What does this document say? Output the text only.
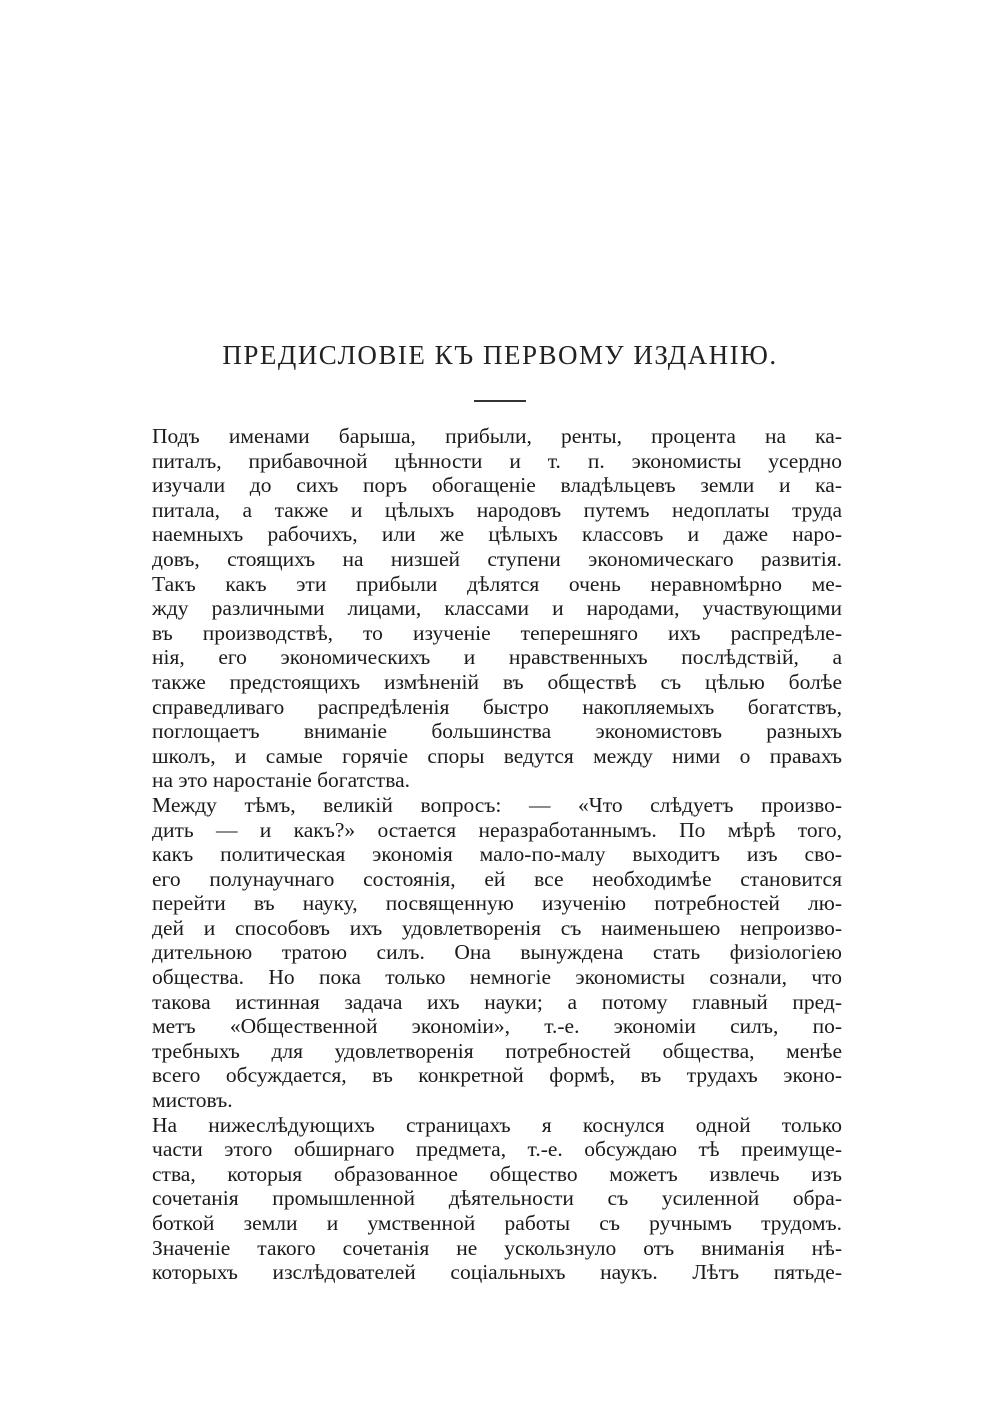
ПРЕДИСЛОВІЕ КЪ ПЕРВОМУ ИЗДАНІЮ.
Подъ именами барыша, прибыли, ренты, процента на ка-
питалъ, прибавочной цѣнности и т. п. экономисты усердно
изучали до сихъ поръ обогащеніе владѣльцевъ земли и ка-
питала, а также и цѣлыхъ народовъ путемъ недоплаты труда
наемныхъ рабочихъ, или же цѣлыхъ классовъ и даже наро-
довъ, стоящихъ на низшей ступени экономическаго развитія.
Такъ какъ эти прибыли дѣлятся очень неравномѣрно ме-
жду различными лицами, классами и народами, участвующими
въ производствѣ, то изученіе теперешняго ихъ распредѣле-
нія, его экономическихъ и нравственныхъ послѣдствій, а
также предстоящихъ измѣненій въ обществѣ съ цѣлью болѣе
справедливаго распредѣленія быстро накопляемыхъ богатствъ,
поглощаетъ вниманіе большинства экономистовъ разныхъ
школъ, и самые горячіе споры ведутся между ними о правахъ
на это наростаніе богатства.
Между тѣмъ, великій вопросъ: — «Что слѣдуетъ произво-
дить — и какъ?» остается неразработаннымъ. По мѣрѣ того,
какъ политическая экономія мало-по-малу выходитъ изъ сво-
его полунаучнаго состоянія, ей все необходимѣе становится
перейти въ науку, посвященную изученію потребностей лю-
дей и способовъ ихъ удовлетворенія съ наименьшею непроизво-
дительною тратою силъ. Она вынуждена стать физіологіею
общества. Но пока только немногіе экономисты сознали, что
такова истинная задача ихъ науки; а потому главный пред-
метъ «Общественной экономіи», т.-е. экономіи силъ, по-
требныхъ для удовлетворенія потребностей общества, менѣе
всего обсуждается, въ конкретной формѣ, въ трудахъ эконо-
мистовъ.
На нижеслѣдующихъ страницахъ я коснулся одной только
части этого обширнаго предмета, т.-е. обсуждаю тѣ преимуще-
ства, которыя образованное общество можетъ извлечь изъ
сочетанія промышленной дѣятельности съ усиленной обра-
боткой земли и умственной работы съ ручнымъ трудомъ.
Значеніе такого сочетанія не ускользнуло отъ вниманія нѣ-
которыхъ изслѣдователей соціальныхъ наукъ. Лѣтъ пятьде-
